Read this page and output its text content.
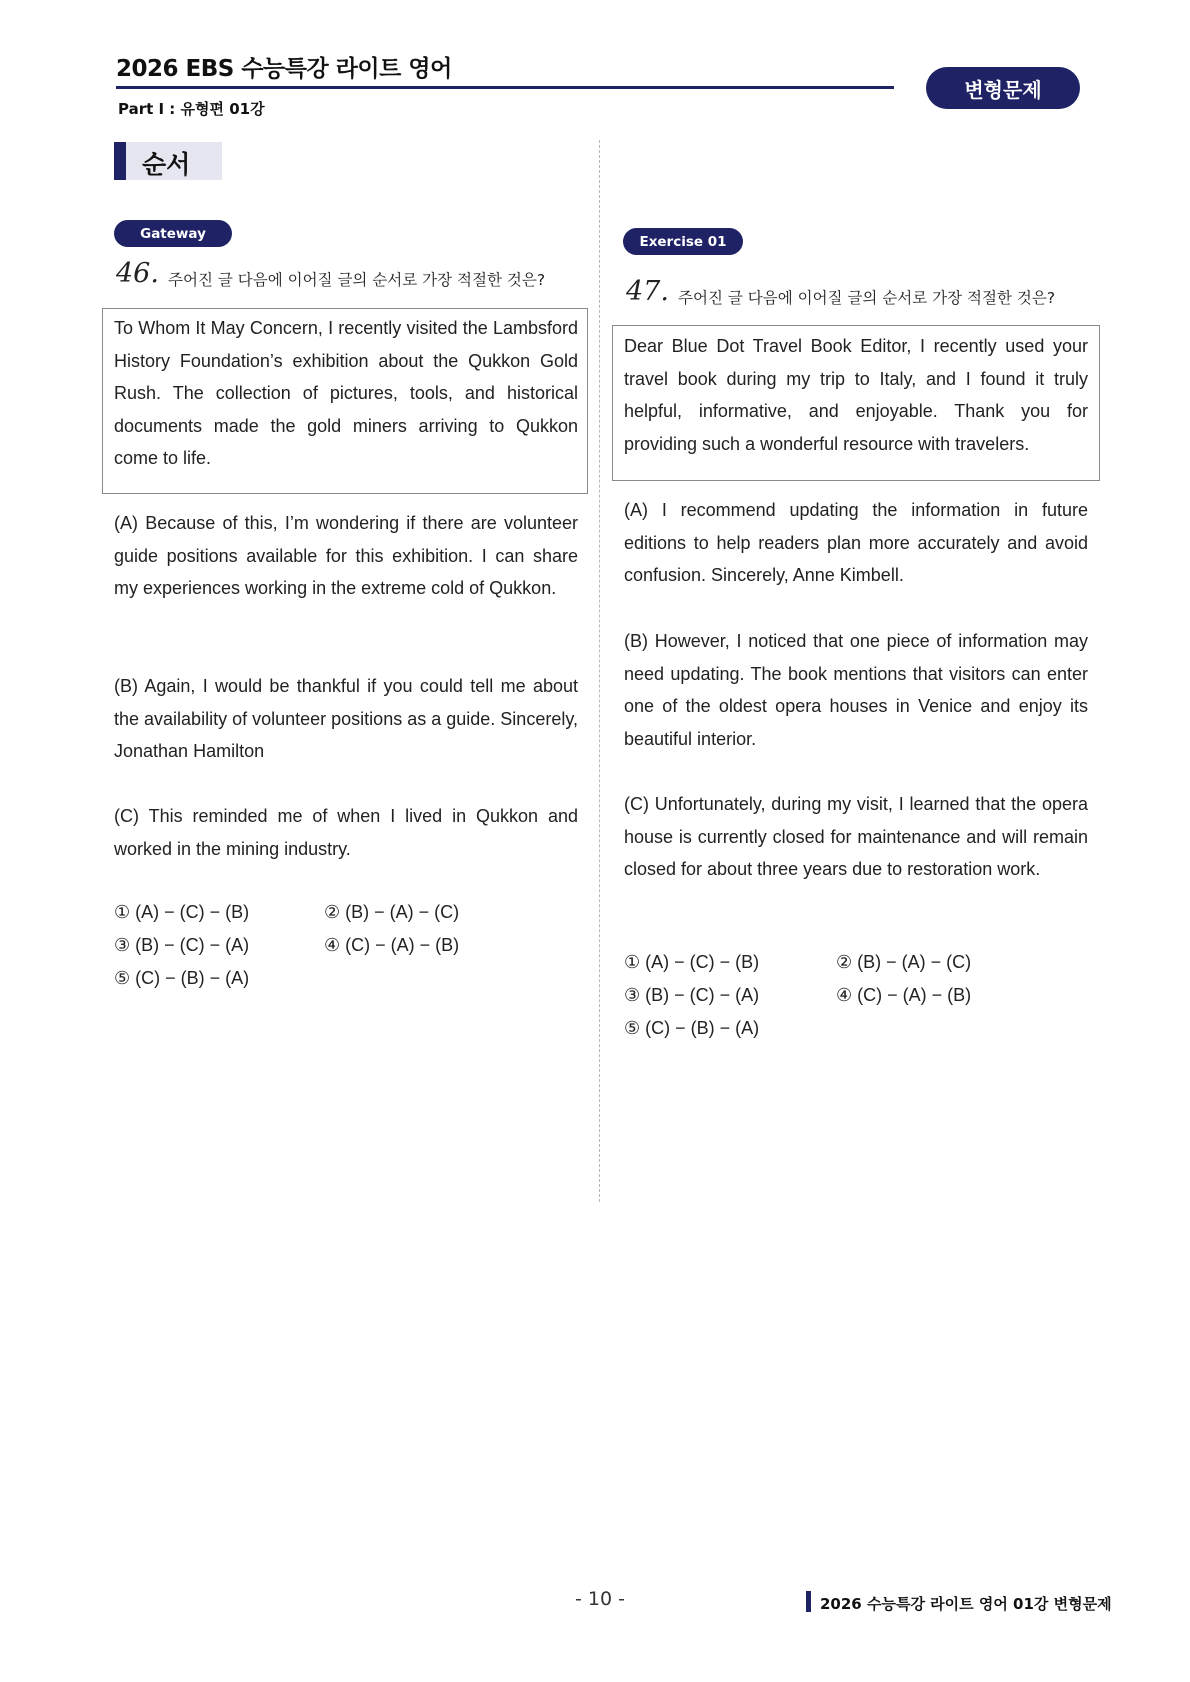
2026 EBS 수능특강 라이트 영어
Part Ⅰ : 유형편 01강
변형문제
순서
Gateway
46. 주어진 글 다음에 이어질 글의 순서로 가장 적절한 것은?
To Whom It May Concern, I recently visited the Lambsford History Foundation’s exhibition about the Qukkon Gold Rush. The collection of pictures, tools, and historical documents made the gold miners arriving to Qukkon come to life.
(A) Because of this, I’m wondering if there are volunteer guide positions available for this exhibition. I can share my experiences working in the extreme cold of Qukkon.
(B) Again, I would be thankful if you could tell me about the availability of volunteer positions as a guide. Sincerely, Jonathan Hamilton
(C) This reminded me of when I lived in Qukkon and worked in the mining industry.
① (A) − (C) − (B)	② (B) − (A) − (C)
③ (B) − (C) − (A)	④ (C) − (A) − (B)
⑤ (C) − (B) − (A)
Exercise 01
47. 주어진 글 다음에 이어질 글의 순서로 가장 적절한 것은?
Dear Blue Dot Travel Book Editor, I recently used your travel book during my trip to Italy, and I found it truly helpful, informative, and enjoyable. Thank you for providing such a wonderful resource with travelers.
(A) I recommend updating the information in future editions to help readers plan more accurately and avoid confusion. Sincerely, Anne Kimbell.
(B) However, I noticed that one piece of information may need updating. The book mentions that visitors can enter one of the oldest opera houses in Venice and enjoy its beautiful interior.
(C) Unfortunately, during my visit, I learned that the opera house is currently closed for maintenance and will remain closed for about three years due to restoration work.
① (A) − (C) − (B)	② (B) − (A) − (C)
③ (B) − (C) − (A)	④ (C) − (A) − (B)
⑤ (C) − (B) − (A)
- 10 -	2026 수능특강 라이트 영어 01강 변형문제
